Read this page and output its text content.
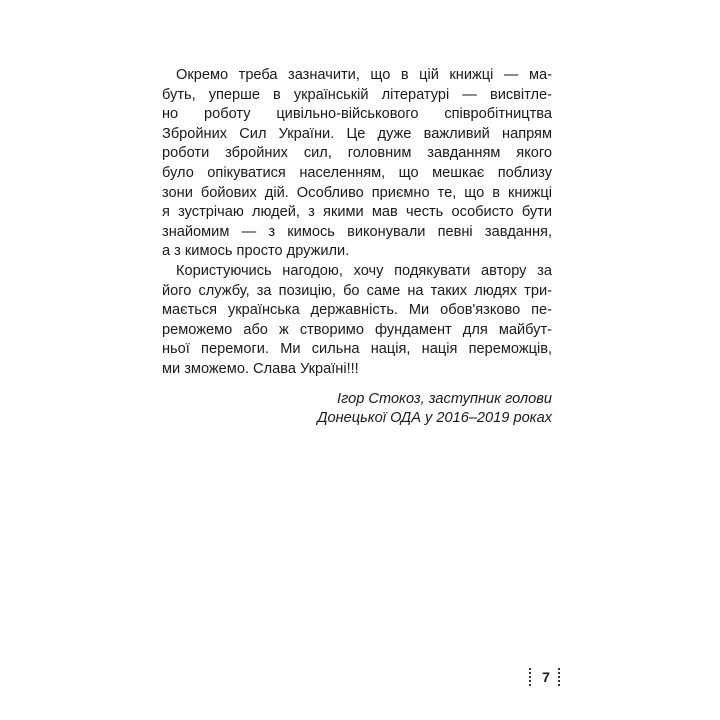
Окремо треба зазначити, що в цій книжці — ма-
буть, уперше в українській літературі — висвітле-
но роботу цивільно-військового співробітництва
Збройних Сил України. Це дуже важливий напрям
роботи збройних сил, головним завданням якого
було опікуватися населенням, що мешкає поблизу
зони бойових дій. Особливо приємно те, що в книжці
я зустрічаю людей, з якими мав честь особисто бути
знайомим — з кимось виконували певні завдання,
а з кимось просто дружили.
Користуючись нагодою, хочу подякувати автору за
його службу, за позицію, бо саме на таких людях три-
мається українська державність. Ми обов'язково пе-
реможемо або ж створимо фундамент для майбут-
ньої перемоги. Ми сильна нація, нація переможців,
ми зможемо. Слава Україні!!!
Ігор Стокоз, заступник голови
Донецької ОДА у 2016–2019 роках
7
